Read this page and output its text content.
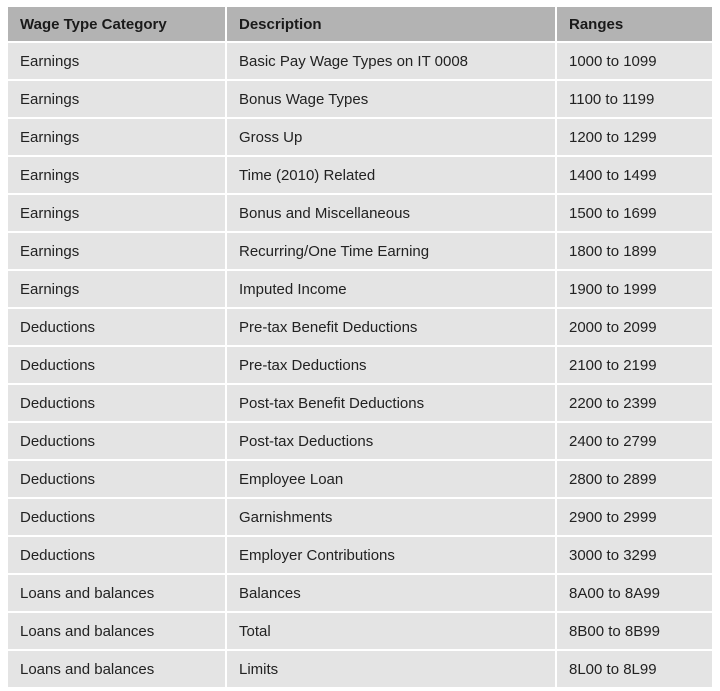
Wage Type Category	Description	Ranges
Earnings	Basic Pay Wage Types on IT 0008	1000 to 1099
Earnings	Bonus Wage Types	1100 to 1199
Earnings	Gross Up	1200 to 1299
Earnings	Time (2010) Related	1400 to 1499
Earnings	Bonus and Miscellaneous	1500 to 1699
Earnings	Recurring/One Time Earning	1800 to 1899
Earnings	Imputed Income	1900 to 1999
Deductions	Pre-tax Benefit Deductions	2000 to 2099
Deductions	Pre-tax Deductions	2100 to 2199
Deductions	Post-tax Benefit Deductions	2200 to 2399
Deductions	Post-tax Deductions	2400 to 2799
Deductions	Employee Loan	2800 to 2899
Deductions	Garnishments	2900 to 2999
Deductions	Employer Contributions	3000 to 3299
Loans and balances	Balances	8A00 to 8A99
Loans and balances	Total	8B00 to 8B99
Loans and balances	Limits	8L00 to 8L99
